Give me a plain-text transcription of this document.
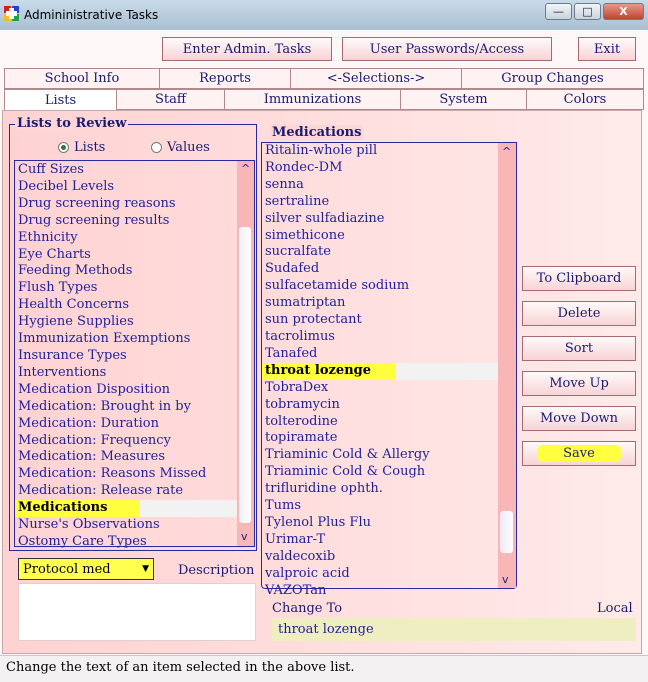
Admininistrative Tasks	— □ X
Enter Admin. Tasks	User Passwords/Access	Exit
School Info	Reports	<-Selections->	Group Changes
Lists	Staff	Immunizations	System	Colors
Lists to Review
Lists	Values
Cuff Sizes
Decibel Levels
Drug screening reasons
Drug screening results
Ethnicity
Eye Charts
Feeding Methods
Flush Types
Health Concerns
Hygiene Supplies
Immunization Exemptions
Insurance Types
Interventions
Medication Disposition
Medication: Brought in by
Medication: Duration
Medication: Frequency
Medication: Measures
Medication: Reasons Missed
Medication: Release rate
Medications
Nurse's Observations
Ostomy Care Types
^
v
Protocol med	▼	Description
Medications
Ritalin-whole pill
Rondec-DM
senna
sertraline
silver sulfadiazine
simethicone
sucralfate
Sudafed
sulfacetamide sodium
sumatriptan
sun protectant
tacrolimus
Tanafed
throat lozenge
TobraDex
tobramycin
tolterodine
topiramate
Triaminic Cold & Allergy
Triaminic Cold & Cough
trifluridine ophth.
Tums
Tylenol Plus Flu
Urimar-T
valdecoxib
valproic acid
VAZOTan
^
v
To Clipboard
Delete
Sort
Move Up
Move Down
Save
Change To	Local
throat lozenge
Change the text of an item selected in the above list.
